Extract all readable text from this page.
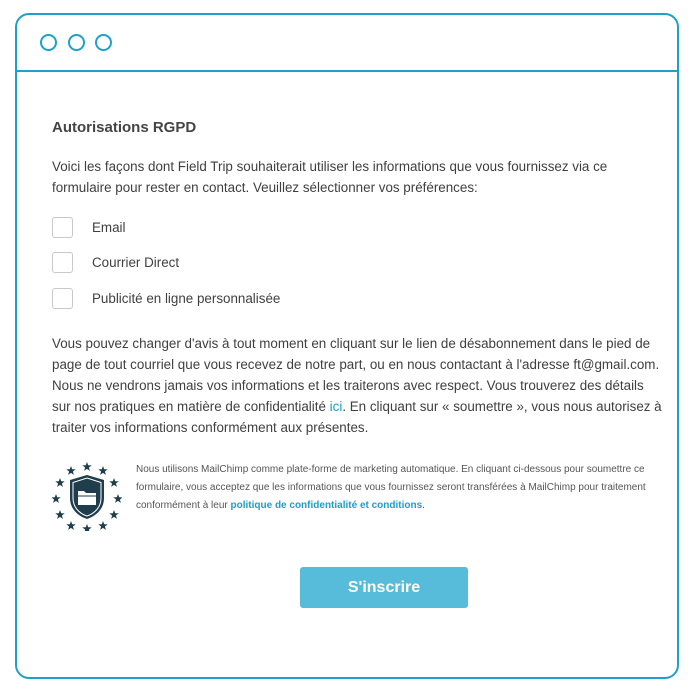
Autorisations RGPD
Voici les façons dont Field Trip souhaiterait utiliser les informations que vous fournissez via ce formulaire pour rester en contact. Veuillez sélectionner vos préférences:
Email
Courrier Direct
Publicité en ligne personnalisée
Vous pouvez changer d'avis à tout moment en cliquant sur le lien de désabonnement dans le pied de page de tout courriel que vous recevez de notre part, ou en nous contactant à l'adresse ft@gmail.com. Nous ne vendrons jamais vos informations et les traiterons avec respect. Vous trouverez des détails sur nos pratiques en matière de confidentialité ici. En cliquant sur « soumettre », vous nous autorisez à traiter vos informations conformément aux présentes.
Nous utilisons MailChimp comme plate-forme de marketing automatique. En cliquant ci-dessous pour soumettre ce formulaire, vous acceptez que les informations que vous fournissez seront transférées à MailChimp pour traitement conformément à leur politique de confidentialité et conditions.
S'inscrire
